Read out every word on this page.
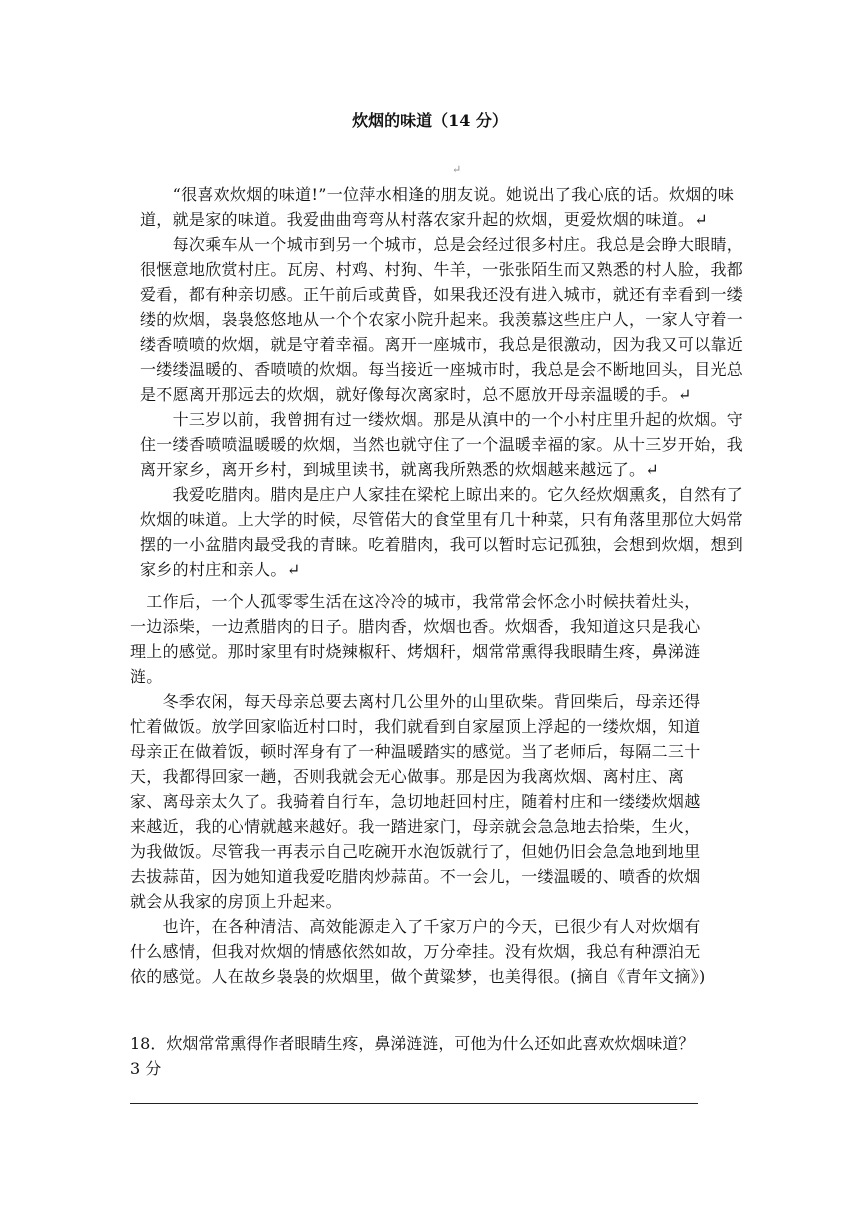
炊烟的味道（14 分）
↵
　　“很喜欢炊烟的味道!”一位萍水相逢的朋友说。她说出了我心底的话。炊烟的味
道，就是家的味道。我爱曲曲弯弯从村落农家升起的炊烟，更爱炊烟的味道。↵
　　每次乘车从一个城市到另一个城市，总是会经过很多村庄。我总是会睁大眼睛，
很惬意地欣赏村庄。瓦房、村鸡、村狗、牛羊，一张张陌生而又熟悉的村人脸，我都
爱看，都有种亲切感。正午前后或黄昏，如果我还没有进入城市，就还有幸看到一缕
缕的炊烟，袅袅悠悠地从一个个农家小院升起来。我羡慕这些庄户人，一家人守着一
缕香喷喷的炊烟，就是守着幸福。离开一座城市，我总是很激动，因为我又可以靠近
一缕缕温暖的、香喷喷的炊烟。每当接近一座城市时，我总是会不断地回头，目光总
是不愿离开那远去的炊烟，就好像每次离家时，总不愿放开母亲温暖的手。↵
　　十三岁以前，我曾拥有过一缕炊烟。那是从滇中的一个小村庄里升起的炊烟。守
住一缕香喷喷温暖暖的炊烟，当然也就守住了一个温暖幸福的家。从十三岁开始，我
离开家乡，离开乡村，到城里读书，就离我所熟悉的炊烟越来越远了。↵
　　我爱吃腊肉。腊肉是庄户人家挂在梁柁上晾出来的。它久经炊烟熏炙，自然有了
炊烟的味道。上大学的时候，尽管偌大的食堂里有几十种菜，只有角落里那位大妈常
摆的一小盆腊肉最受我的青睐。吃着腊肉，我可以暂时忘记孤独，会想到炊烟，想到
家乡的村庄和亲人。↵
　工作后，一个人孤零零生活在这冷冷的城市，我常常会怀念小时候扶着灶头，
一边添柴，一边煮腊肉的日子。腊肉香，炊烟也香。炊烟香，我知道这只是我心
理上的感觉。那时家里有时烧辣椒秆、烤烟秆，烟常常熏得我眼睛生疼，鼻涕涟
涟。
　　冬季农闲，每天母亲总要去离村几公里外的山里砍柴。背回柴后，母亲还得
忙着做饭。放学回家临近村口时，我们就看到自家屋顶上浮起的一缕炊烟，知道
母亲正在做着饭，顿时浑身有了一种温暖踏实的感觉。当了老师后，每隔二三十
天，我都得回家一趟，否则我就会无心做事。那是因为我离炊烟、离村庄、离
家、离母亲太久了。我骑着自行车，急切地赶回村庄，随着村庄和一缕缕炊烟越
来越近，我的心情就越来越好。我一踏进家门，母亲就会急急地去拾柴，生火，
为我做饭。尽管我一再表示自己吃碗开水泡饭就行了，但她仍旧会急急地到地里
去拔蒜苗，因为她知道我爱吃腊肉炒蒜苗。不一会儿，一缕温暖的、喷香的炊烟
就会从我家的房顶上升起来。
　　也许，在各种清洁、高效能源走入了千家万户的今天，已很少有人对炊烟有
什么感情，但我对炊烟的情感依然如故，万分牵挂。没有炊烟，我总有种漂泊无
依的感觉。人在故乡袅袅的炊烟里，做个黄粱梦，也美得很。(摘自《青年文摘》)
18．炊烟常常熏得作者眼睛生疼，鼻涕涟涟，可他为什么还如此喜欢炊烟味道？
3 分
